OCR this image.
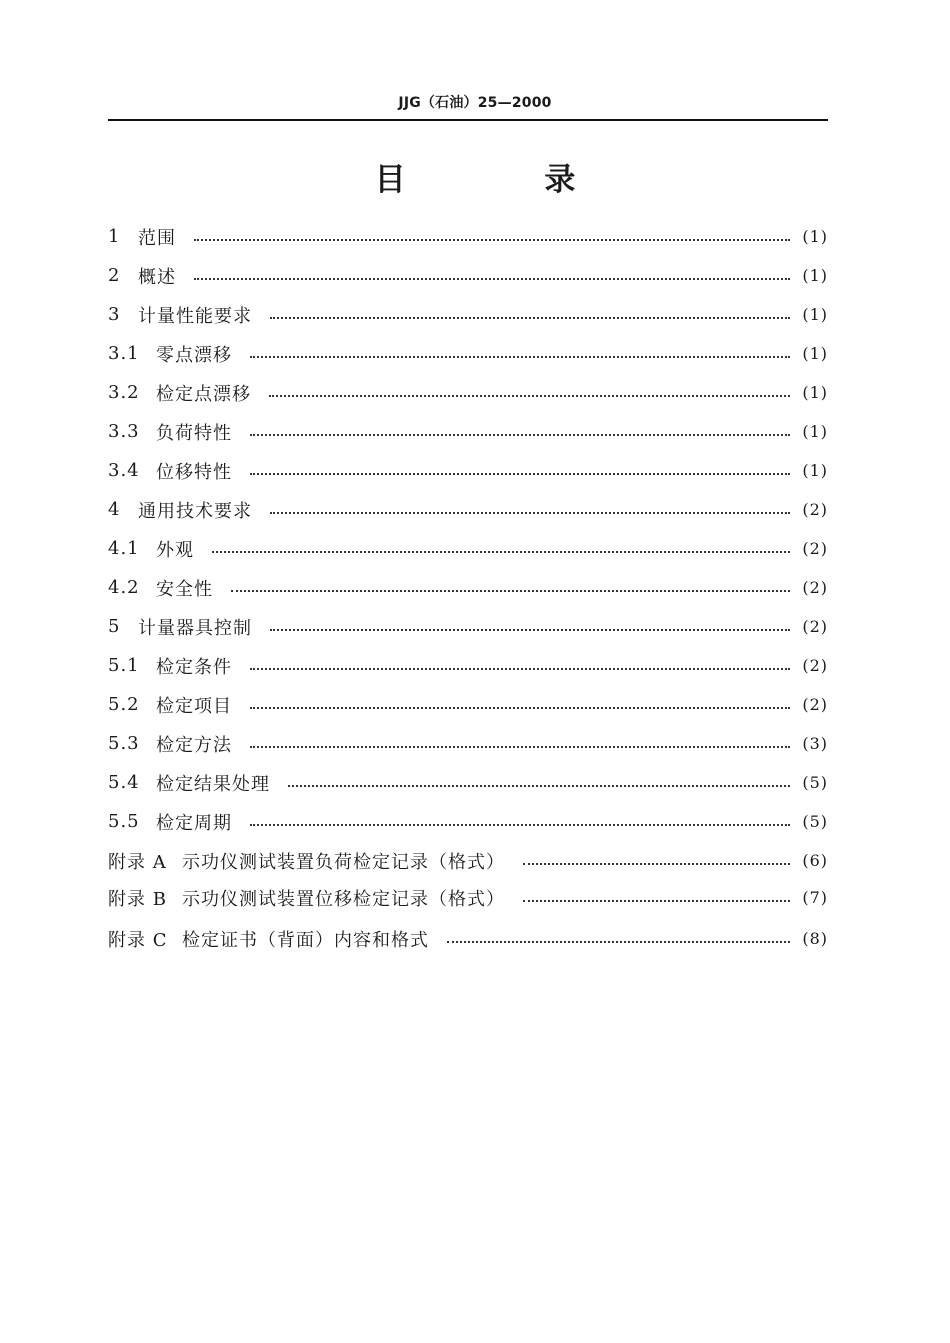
JJG（石油）25—2000
目 录
1 范围	(1)
2 概述	(1)
3 计量性能要求	(1)
3.1 零点漂移	(1)
3.2 检定点漂移	(1)
3.3 负荷特性	(1)
3.4 位移特性	(1)
4 通用技术要求	(2)
4.1 外观	(2)
4.2 安全性	(2)
5 计量器具控制	(2)
5.1 检定条件	(2)
5.2 检定项目	(2)
5.3 检定方法	(3)
5.4 检定结果处理	(5)
5.5 检定周期	(5)
附录 A 示功仪测试装置负荷检定记录（格式）	(6)
附录 B 示功仪测试装置位移检定记录（格式）	(7)
附录 C 检定证书（背面）内容和格式	(8)
